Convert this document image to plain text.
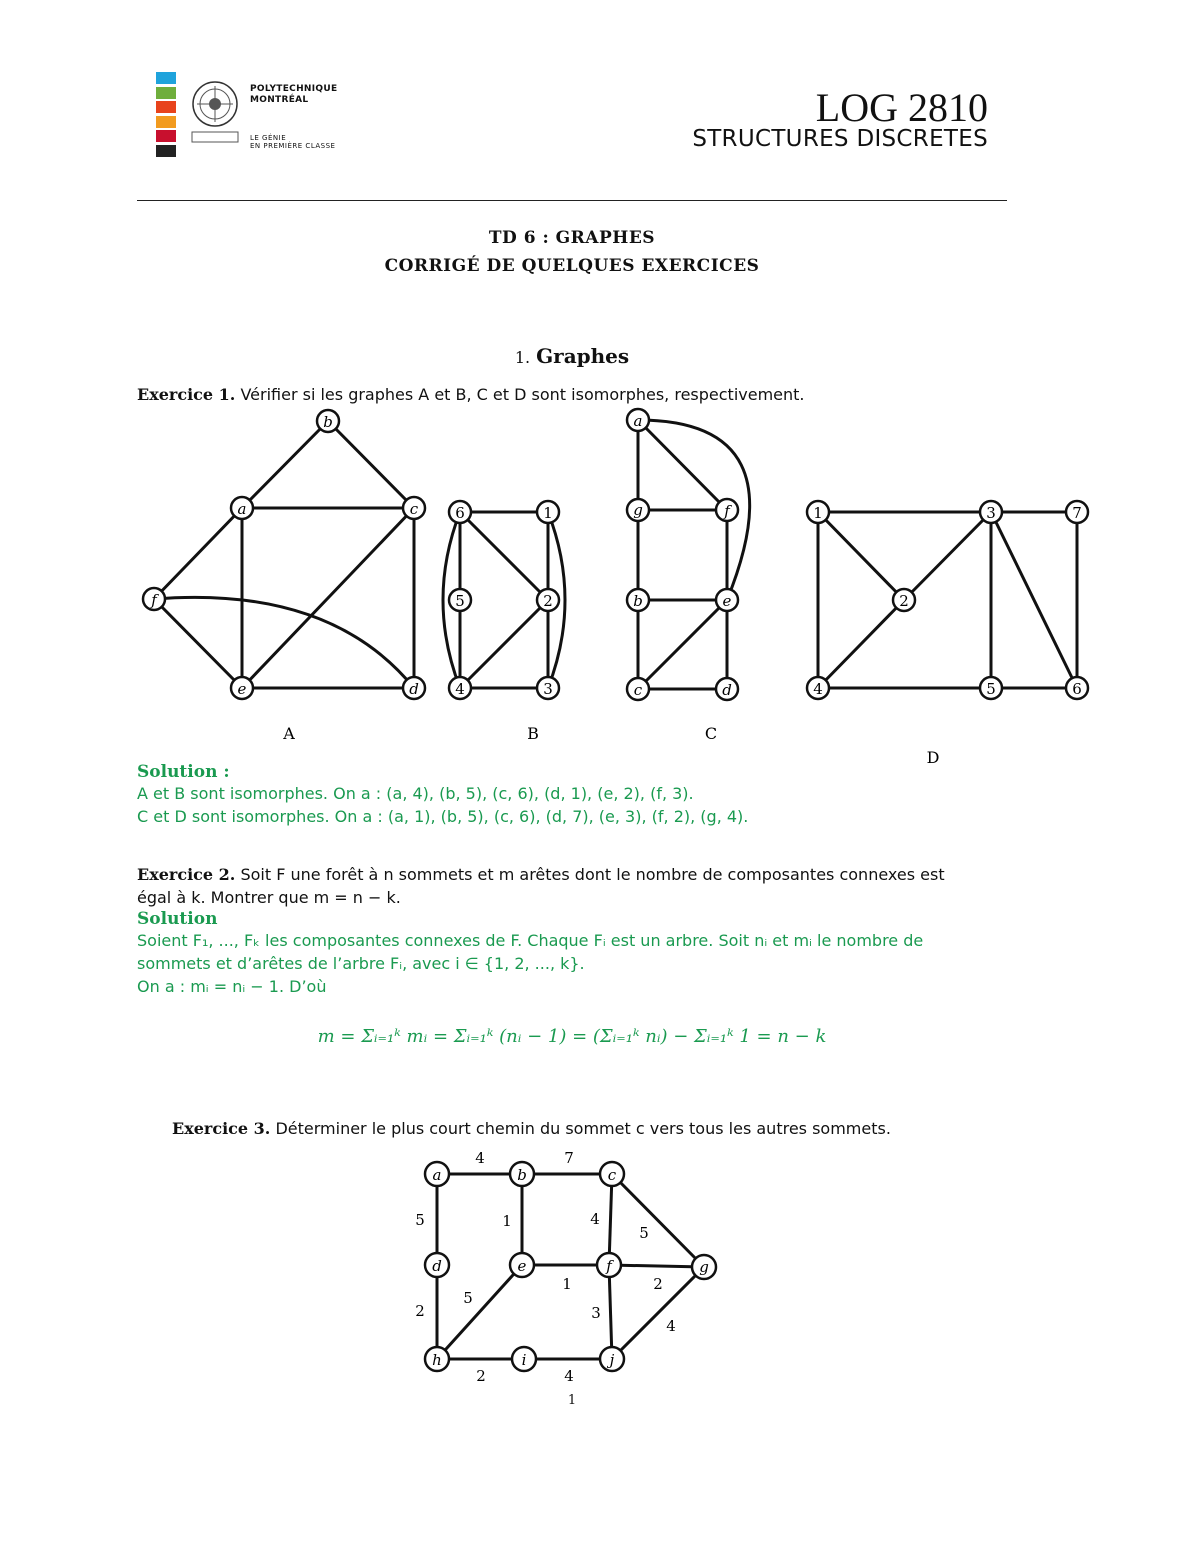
POLYTECHNIQUE
MONTRÉAL
LE GÉNIE
EN PREMIÈRE CLASSE
LOG 2810
STRUCTURES DISCRETES
TD 6 : GRAPHES
CORRIGÉ DE QUELQUES EXERCICES
1. Graphes
Exercice 1. Vérifier si les graphes A et B, C et D sont isomorphes, respectivement.
b
a	c
f
e	d
6	1
5	2
4	3
a
g	f
b	e
c	d
1	3	7
2
4	5	6
A	B	C
D
Solution :
A et B sont isomorphes. On a : (a, 4), (b, 5), (c, 6), (d, 1), (e, 2), (f, 3).
C et D sont isomorphes. On a : (a, 1), (b, 5), (c, 6), (d, 7), (e, 3), (f, 2), (g, 4).
Exercice 2. Soit F une forêt à n sommets et m arêtes dont le nombre de composantes connexes est
égal à k. Montrer que m = n − k.
Solution
Soient F₁, ..., Fₖ les composantes connexes de F. Chaque Fᵢ est un arbre. Soit nᵢ et mᵢ le nombre de
sommets et d’arêtes de l’arbre Fᵢ, avec i ∈ {1, 2, ..., k}.
On a : mᵢ = nᵢ − 1. D’où
m = Σᵢ₌₁ᵏ mᵢ = Σᵢ₌₁ᵏ (nᵢ − 1) = (Σᵢ₌₁ᵏ nᵢ) − Σᵢ₌₁ᵏ 1 = n − k
Exercice 3. Déterminer le plus court chemin du sommet c vers tous les autres sommets.
4	7
5	1	4
5
1	2
2
5
3
4
2	4
a	b	c
d	e	f	g
h	i	j
1
